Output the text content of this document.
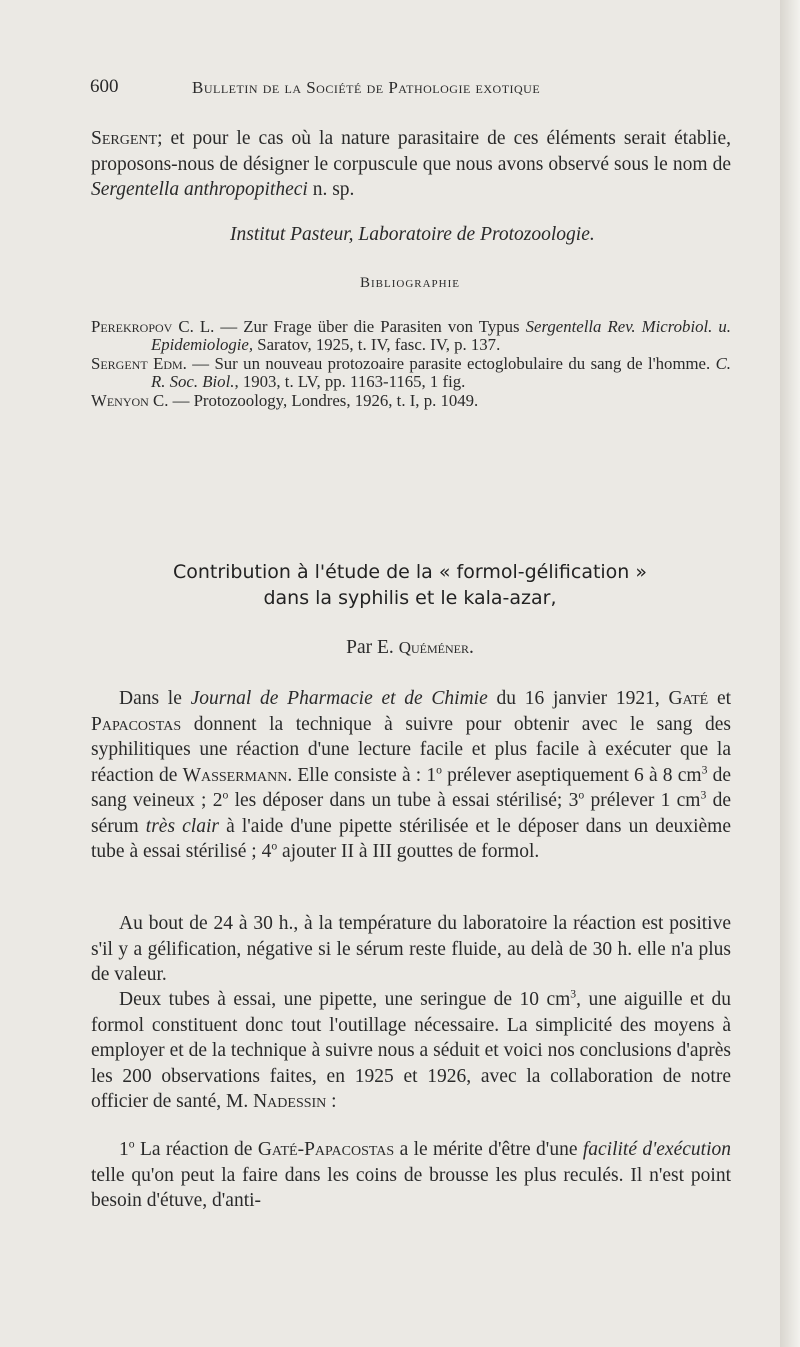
600	Bulletin de la Société de Pathologie exotique
Sergent; et pour le cas où la nature parasitaire de ces éléments serait établie, proposons-nous de désigner le corpuscule que nous avons observé sous le nom de Sergentella anthropopitheci n. sp.
Institut Pasteur, Laboratoire de Protozoologie.
Bibliographie

Perekropov C. L. — Zur Frage über die Parasiten von Typus Sergentella Rev. Microbiol. u. Epidemiologie, Saratov, 1925, t. IV, fasc. IV, p. 137.

Sergent Edm. — Sur un nouveau protozoaire parasite ectoglobulaire du sang de l'homme. C. R. Soc. Biol., 1903, t. LV, pp. 1163-1165, 1 fig.

Wenyon C. — Protozoology, Londres, 1926, t. I, p. 1049.

Contribution à l'étude de la « formol-gélification »
dans la syphilis et le kala-azar,
Par E. Quéméner.
Dans le Journal de Pharmacie et de Chimie du 16 janvier 1921, Gaté et Papacostas donnent la technique à suivre pour obtenir avec le sang des syphilitiques une réaction d'une lecture facile et plus facile à exécuter que la réaction de Wassermann. Elle consiste à : 1$^o$ prélever aseptiquement 6 à 8 $cm^3$ de sang veineux ; 2$^o$ les déposer dans un tube à essai stérilisé; 3$^o$ prélever 1 $cm^3$ de sérum très clair à l'aide d'une pipette stérilisée et le déposer dans un deuxième tube à essai stérilisé ; 4$^o$ ajouter II à III gouttes de formol.
Au bout de 24 à 30 h., à la température du laboratoire la réaction est positive s'il y a gélification, négative si le sérum reste fluide, au delà de 30 h. elle n'a plus de valeur.
Deux tubes à essai, une pipette, une seringue de 10 $cm^3$, une aiguille et du formol constituent donc tout l'outillage nécessaire. La simplicité des moyens à employer et de la technique à suivre nous a séduit et voici nos conclusions d'après les 200 observations faites, en 1925 et 1926, avec la collaboration de notre officier de santé, M. Nadessin :
1$^o$ La réaction de Gaté-Papacostas a le mérite d'être d'une facilité d'exécution telle qu'on peut la faire dans les coins de brousse les plus reculés. Il n'est point besoin d'étuve, d'anti-
